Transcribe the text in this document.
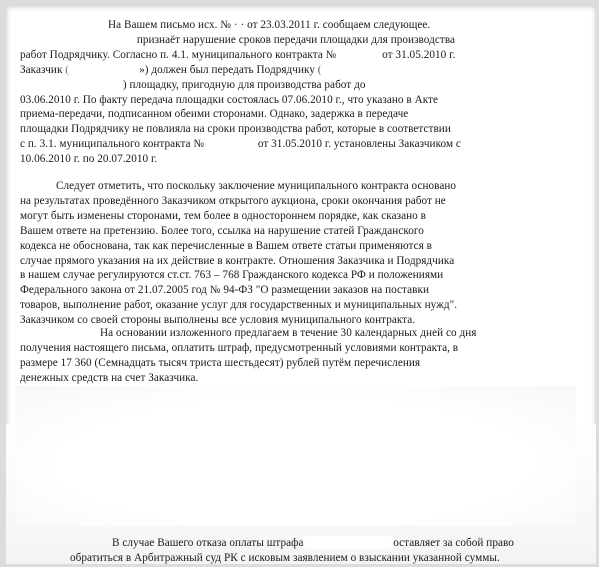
На Вашем письмо исх. № · · от 23.03.2011 г. сообщаем следующее.
признаёт нарушение сроков передачи площадки для производства
работ Подрядчику. Согласно п. 4.1. муниципального контракта №	от 31.05.2010 г.
Заказчик (	») должен был передать Подрядчику (
) площадку, пригодную для производства работ до
03.06.2010 г. По факту передача площадки состоялась 07.06.2010 г., что указано в Акте
приема-передачи, подписанном обеими сторонами. Однако, задержка в передаче
площадки Подрядчику не повлияла на сроки производства работ, которые в соответствии
с п. 3.1. муниципального контракта №	от 31.05.2010 г. установлены Заказчиком с
10.06.2010 г. по 20.07.2010 г.
Следует отметить, что поскольку заключение муниципального контракта основано
на результатах проведённого Заказчиком открытого аукциона, сроки окончания работ не
могут быть изменены сторонами, тем более в одностороннем порядке, как сказано в
Вашем ответе на претензию. Более того, ссылка на нарушение статей Гражданского
кодекса не обоснована, так как перечисленные в Вашем ответе статьи применяются в
случае прямого указания на их действие в контракте. Отношения Заказчика и Подрядчика
в нашем случае регулируются ст.ст. 763 – 768 Гражданского кодекса РФ и положениями
Федерального закона от 21.07.2005 год № 94-ФЗ "О размещении заказов на поставки
товаров, выполнение работ, оказание услуг для государственных и муниципальных нужд".
Заказчиком со своей стороны выполнены все условия муниципального контракта.
На основании изложенного предлагаем в течение 30 календарных дней со дня
получения настоящего письма, оплатить штраф, предусмотренный условиями контракта, в
размере 17 360 (Семнадцать тысяч триста шестьдесят) рублей путём перечисления
денежных средств на счет Заказчика.
В случае Вашего отказа оплаты штрафа	оставляет за собой право
обратиться в Арбитражный суд РК с исковым заявлением о взыскании указанной суммы.
